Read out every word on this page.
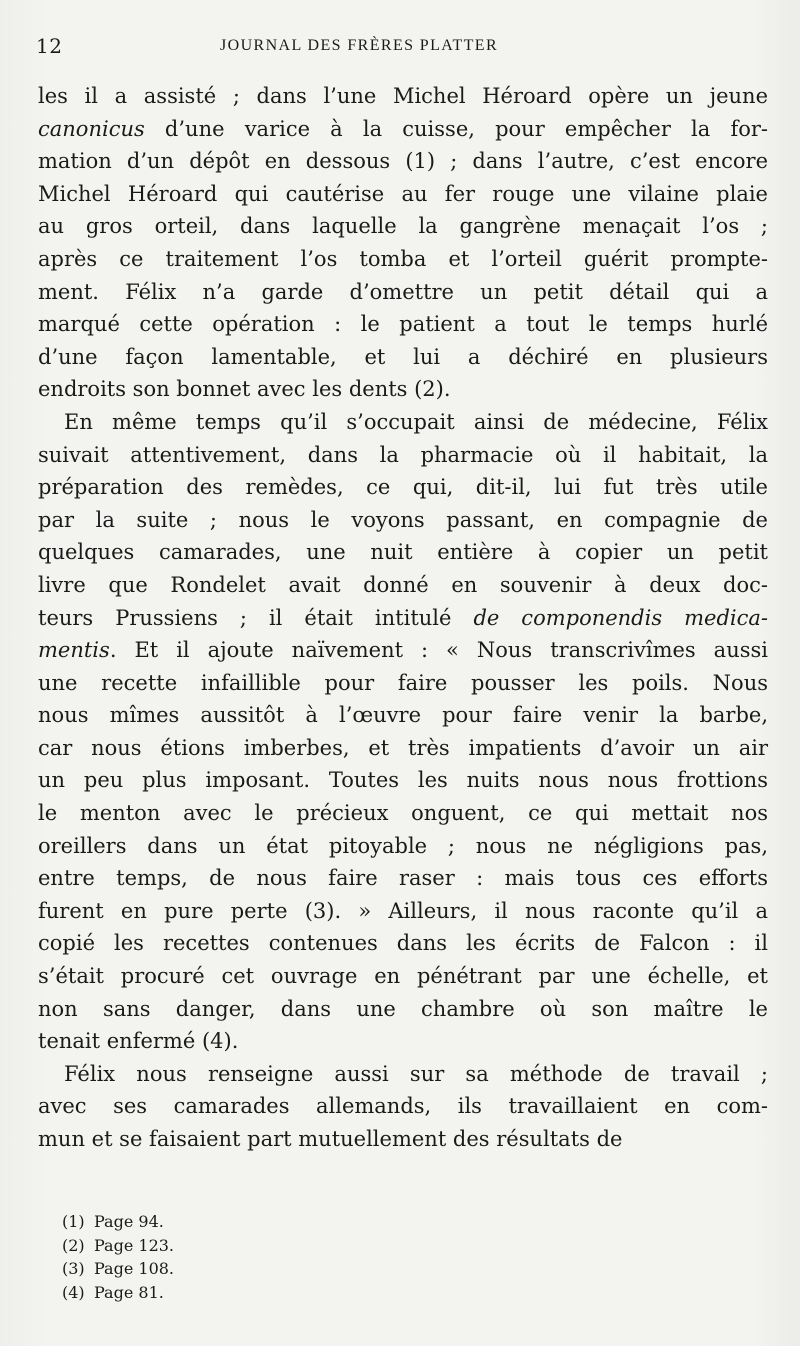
12	JOURNAL DES FRÈRES PLATTER
les il a assisté ; dans l’une Michel Héroard opère un jeune
canonicus d’une varice à la cuisse, pour empêcher la for-
mation d’un dépôt en dessous (1) ; dans l’autre, c’est encore
Michel Héroard qui cautérise au fer rouge une vilaine plaie
au gros orteil, dans laquelle la gangrène menaçait l’os ;
après ce traitement l’os tomba et l’orteil guérit prompte-
ment. Félix n’a garde d’omettre un petit détail qui a
marqué cette opération : le patient a tout le temps hurlé
d’une façon lamentable, et lui a déchiré en plusieurs
endroits son bonnet avec les dents (2).
En même temps qu’il s’occupait ainsi de médecine, Félix
suivait attentivement, dans la pharmacie où il habitait, la
préparation des remèdes, ce qui, dit-il, lui fut très utile
par la suite ; nous le voyons passant, en compagnie de
quelques camarades, une nuit entière à copier un petit
livre que Rondelet avait donné en souvenir à deux doc-
teurs Prussiens ; il était intitulé de componendis medica-
mentis. Et il ajoute naïvement : « Nous transcrivîmes aussi
une recette infaillible pour faire pousser les poils. Nous
nous mîmes aussitôt à l’œuvre pour faire venir la barbe,
car nous étions imberbes, et très impatients d’avoir un air
un peu plus imposant. Toutes les nuits nous nous frottions
le menton avec le précieux onguent, ce qui mettait nos
oreillers dans un état pitoyable ; nous ne négligions pas,
entre temps, de nous faire raser : mais tous ces efforts
furent en pure perte (3). » Ailleurs, il nous raconte qu’il a
copié les recettes contenues dans les écrits de Falcon : il
s’était procuré cet ouvrage en pénétrant par une échelle, et
non sans danger, dans une chambre où son maître le
tenait enfermé (4).
Félix nous renseigne aussi sur sa méthode de travail ;
avec ses camarades allemands, ils travaillaient en com-
mun et se faisaient part mutuellement des résultats de
(1) Page 94.
(2) Page 123.
(3) Page 108.
(4) Page 81.
